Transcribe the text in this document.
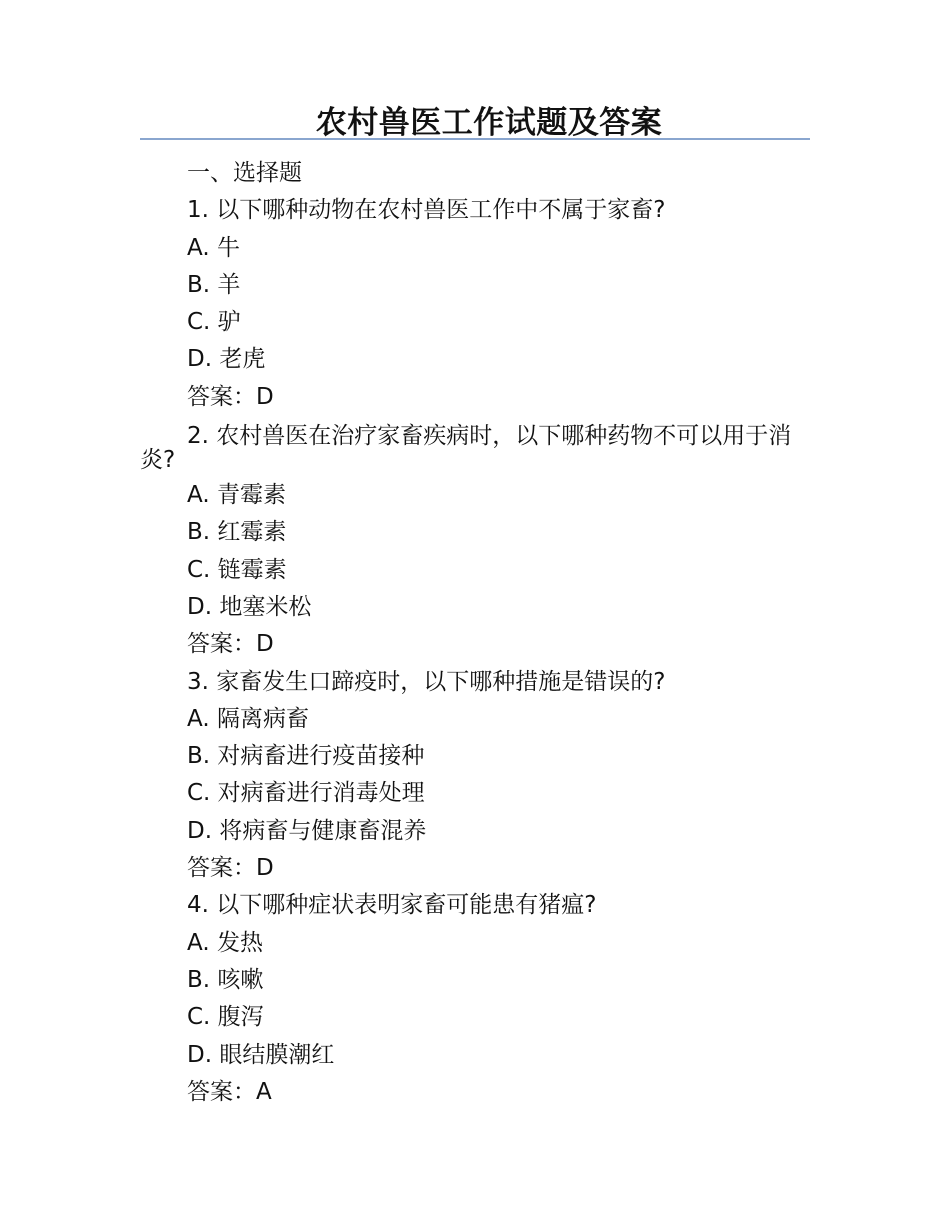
农村兽医工作试题及答案
一、选择题
1. 以下哪种动物在农村兽医工作中不属于家畜?
A. 牛
B. 羊
C. 驴
D. 老虎
答案：D
2. 农村兽医在治疗家畜疾病时，以下哪种药物不可以用于消炎?
A. 青霉素
B. 红霉素
C. 链霉素
D. 地塞米松
答案：D
3. 家畜发生口蹄疫时，以下哪种措施是错误的?
A. 隔离病畜
B. 对病畜进行疫苗接种
C. 对病畜进行消毒处理
D. 将病畜与健康畜混养
答案：D
4. 以下哪种症状表明家畜可能患有猪瘟?
A. 发热
B. 咳嗽
C. 腹泻
D. 眼结膜潮红
答案：A
